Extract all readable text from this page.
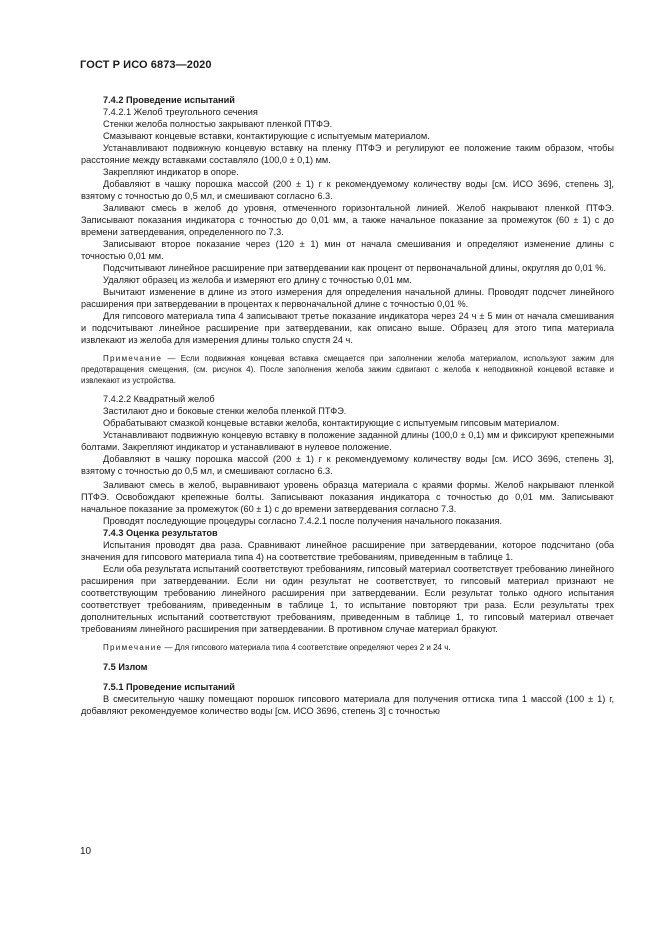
ГОСТ Р ИСО 6873—2020
7.4.2 Проведение испытаний
7.4.2.1 Желоб треугольного сечения
Стенки желоба полностью закрывают пленкой ПТФЭ.
Смазывают концевые вставки, контактирующие с испытуемым материалом.
Устанавливают подвижную концевую вставку на пленку ПТФЭ и регулируют ее положение таким образом, чтобы расстояние между вставками составляло (100,0 ± 0,1) мм.
Закрепляют индикатор в опоре.
Добавляют в чашку порошка массой (200 ± 1) г к рекомендуемому количеству воды [см. ИСО 3696, степень 3], взятому с точностью до 0,5 мл, и смешивают согласно 6.3.
Заливают смесь в желоб до уровня, отмеченного горизонтальной линией. Желоб накрывают пленкой ПТФЭ. Записывают показания индикатора с точностью до 0,01 мм, а также начальное показание за промежуток (60 ± 1) с до времени затвердевания, определенного по 7.3.
Записывают второе показание через (120 ± 1) мин от начала смешивания и определяют изменение длины с точностью 0,01 мм.
Подсчитывают линейное расширение при затвердевании как процент от первоначальной длины, округляя до 0,01 %.
Удаляют образец из желоба и измеряют его длину с точностью 0,01 мм.
Вычитают изменение в длине из этого измерения для определения начальной длины. Проводят подсчет линейного расширения при затвердевании в процентах к первоначальной длине с точностью 0,01 %.
Для гипсового материала типа 4 записывают третье показание индикатора через 24 ч ± 5 мин от начала смешивания и подсчитывают линейное расширение при затвердевании, как описано выше. Образец для этого типа материала извлекают из желоба для измерения длины только спустя 24 ч.
Примечание — Если подвижная концевая вставка смещается при заполнении желоба материалом, используют зажим для предотвращения смещения, (см. рисунок 4). После заполнения желоба зажим сдвигают с желоба к неподвижной концевой вставке и извлекают из устройства.
7.4.2.2 Квадратный желоб
Застилают дно и боковые стенки желоба пленкой ПТФЭ.
Обрабатывают смазкой концевые вставки желоба, контактирующие с испытуемым гипсовым материалом.
Устанавливают подвижную концевую вставку в положение заданной длины (100,0 ± 0,1) мм и фиксируют крепежными болтами. Закрепляют индикатор и устанавливают в нулевое положение.
Добавляют в чашку порошка массой (200 ± 1) г к рекомендуемому количеству воды [см. ИСО 3696, степень 3], взятому с точностью до 0,5 мл, и смешивают согласно 6.3.
Заливают смесь в желоб, выравнивают уровень образца материала с краями формы. Желоб накрывают пленкой ПТФЭ. Освобождают крепежные болты. Записывают показания индикатора с точностью до 0,01 мм. Записывают начальное показание за промежуток (60 ± 1) с до времени затвердевания согласно 7.3.
Проводят последующие процедуры согласно 7.4.2.1 после получения начального показания.
7.4.3 Оценка результатов
Испытания проводят два раза. Сравнивают линейное расширение при затвердевании, которое подсчитано (оба значения для гипсового материала типа 4) на соответствие требованиям, приведенным в таблице 1.
Если оба результата испытаний соответствуют требованиям, гипсовый материал соответствует требованию линейного расширения при затвердевании. Если ни один результат не соответствует, то гипсовый материал признают не соответствующим требованию линейного расширения при затвердевании. Если результат только одного испытания соответствует требованиям, приведенным в таблице 1, то испытание повторяют три раза. Если результаты трех дополнительных испытаний соответствуют требованиям, приведенным в таблице 1, то гипсовый материал отвечает требованиям линейного расширения при затвердевании. В противном случае материал бракуют.
Примечание — Для гипсового материала типа 4 соответствие определяют через 2 и 24 ч.
7.5 Излом
7.5.1 Проведение испытаний
В смесительную чашку помещают порошок гипсового материала для получения оттиска типа 1 массой (100 ± 1) г, добавляют рекомендуемое количество воды [см. ИСО 3696, степень 3] с точностью
10
